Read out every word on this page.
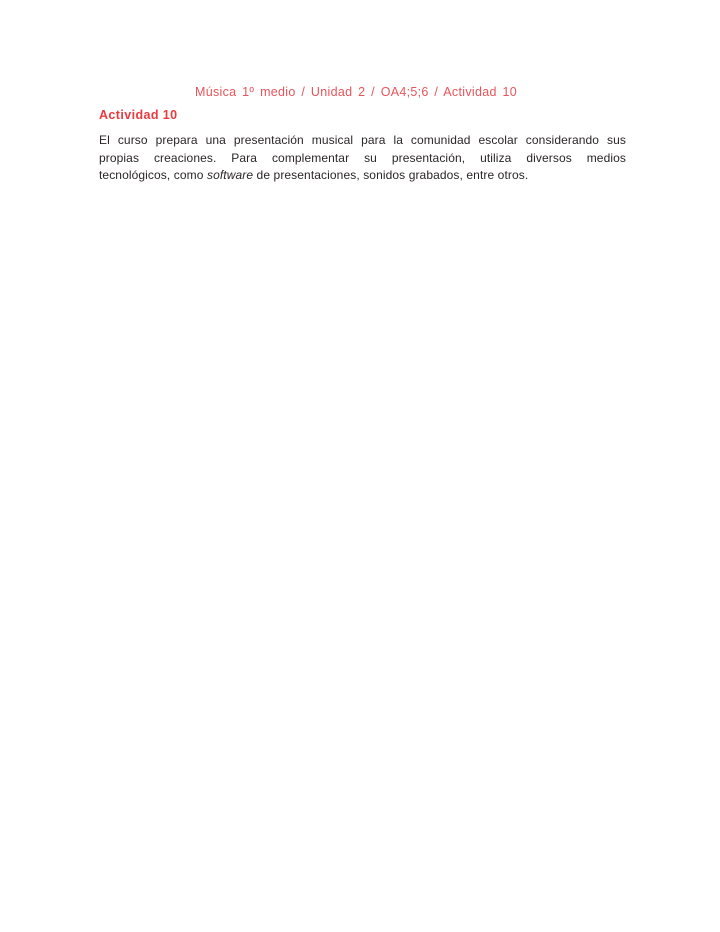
Música 1º medio / Unidad 2 / OA4;5;6 / Actividad 10
Actividad 10
El curso prepara una presentación musical para la comunidad escolar considerando sus
propias creaciones. Para complementar su presentación, utiliza diversos medios
tecnológicos, como software de presentaciones, sonidos grabados, entre otros.
